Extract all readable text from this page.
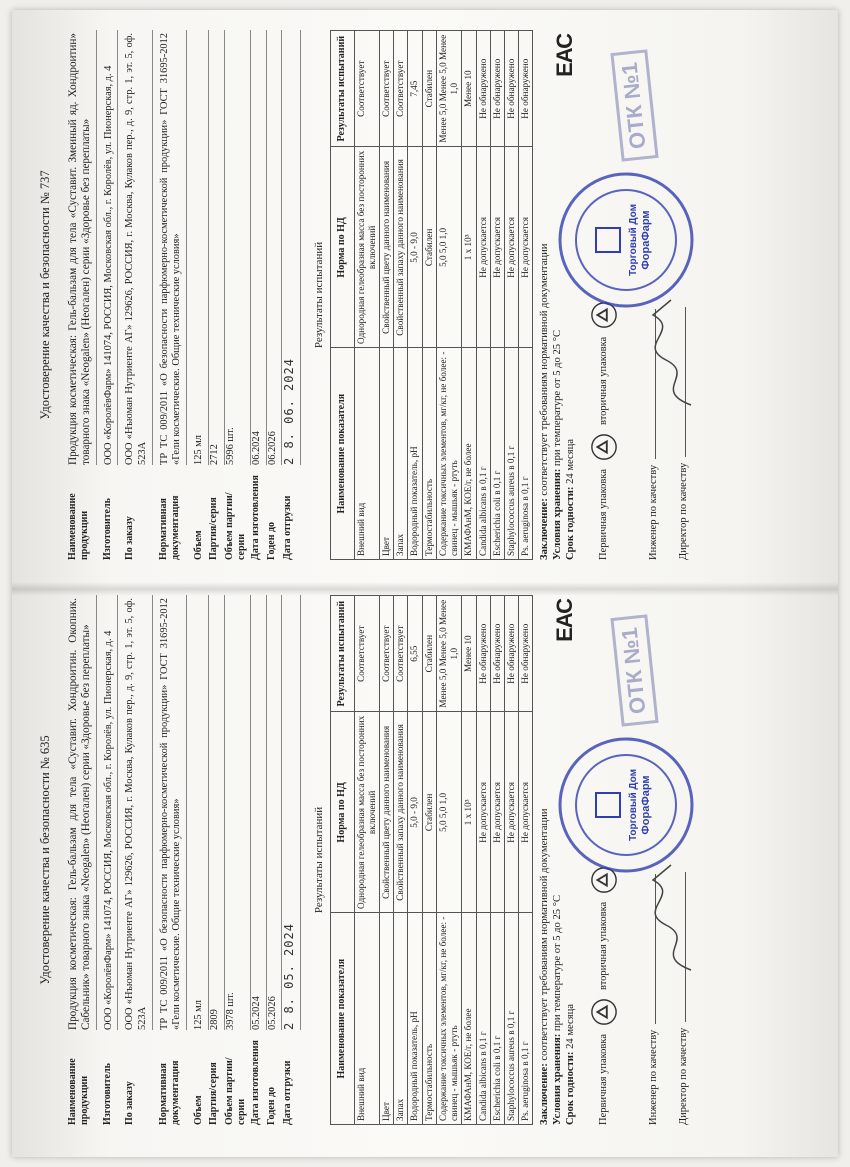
Удостоверение качества и безопасности № 635
Наименование продукции	Продукция косметическая: Гель-бальзам для тела «Суставит. Хондроитин. Окопник. Сабельник» товарного знака «Neogalen» (Неогален) серии «Здоровье без переплаты»
Изготовитель	ООО «КоролёвФарм» 141074, РОССИЯ, Московская обл., г. Королёв, ул. Пионерская, д. 4
По заказу	ООО «Нъюман Нутриенте АГ» 129626, РОССИЯ, г. Москва, Кулаков пер., д. 9, стр. 1, эт. 5, оф. 523А
Нормативная документация	ТР ТС 009/2011 «О безопасности парфюмерно-косметической продукции» ГОСТ 31695-2012 «Гели косметические. Общие технические условия»
Объем	125 мл
Партия/серия	2809
Объем партии/серии	3978 шт.
Дата изготовления	05.2024
Годен до	05.2026
Дата отгрузки	2 8. 05. 2024
Результаты испытаний
Наименование показателя	Норма по НД	Результаты испытаний
Внешний вид	Однородная гелеобразная масса без посторонних включений	Соответствует
Цвет	Свойственный цвету данного наименования	Соответствует
Запах	Свойственный запаху данного наименования	Соответствует
Водородный показатель, pH	5,0 - 9,0	6,55
Термостабильность	Стабилен	Стабилен
Содержание токсичных элементов, мг/кг, не более: - свинец - мышьяк - ртуть	5,0 5,0 1,0	Менее 5,0 Менее 5,0 Менее 1,0
КМАФАнМ, КОЕ/г, не более	1 х 10³	Менее 10
Candida albicans в 0,1 г	Не допускается	Не обнаружено
Escherichia coli в 0,1 г	Не допускается	Не обнаружено
Staphylococcus aureus в 0,1 г	Не допускается	Не обнаружено
Ps. aeruginosa в 0,1 г	Не допускается	Не обнаружено
Заключение: соответствует требованиям нормативной документации
Условия хранения: при температуре от 5 до 25 °С
Срок годности: 24 месяца
ЕАС
Первичная упаковка
вторичная упаковка
Инженер по качеству Директор по качеству
Торговый Дом ФораФарм
ОТК №1
Удостоверение качества и безопасности № 737
Наименование продукции	Продукция косметическая: Гель-бальзам для тела «Суставит. Змеиный яд. Хондроитин» товарного знака «Neogalen» (Неогален) серии «Здоровье без переплаты»
Изготовитель	ООО «КоролёвФарм» 141074, РОССИЯ, Московская обл., г. Королёв, ул. Пионерская, д. 4
По заказу	ООО «Нъюман Нутриенте АГ» 129626, РОССИЯ, г. Москва, Кулаков пер., д. 9, стр. 1, эт. 5, оф. 523А
Нормативная документация	ТР ТС 009/2011 «О безопасности парфюмерно-косметической продукции» ГОСТ 31695-2012 «Гели косметические. Общие технические условия»
Объем	125 мл
Партия/серия	2712
Объем партии/серии	5996 шт.
Дата изготовления	06.2024
Годен до	06.2026
Дата отгрузки	2 8. 06. 2024
Результаты испытаний
Наименование показателя	Норма по НД	Результаты испытаний
Внешний вид	Однородная гелеобразная масса без посторонних включений	Соответствует
Цвет	Свойственный цвету данного наименования	Соответствует
Запах	Свойственный запаху данного наименования	Соответствует
Водородный показатель, pH	5,0 - 9,0	7,45
Термостабильность	Стабилен	Стабилен
Содержание токсичных элементов, мг/кг, не более: - свинец - мышьяк - ртуть	5,0 5,0 1,0	Менее 5,0 Менее 5,0 Менее 1,0
КМАФАнМ, КОЕ/г, не более	1 х 10³	Менее 10
Candida albicans в 0,1 г	Не допускается	Не обнаружено
Escherichia coli в 0,1 г	Не допускается	Не обнаружено
Staphylococcus aureus в 0,1 г	Не допускается	Не обнаружено
Ps. aeruginosa в 0,1 г	Не допускается	Не обнаружено
Заключение: соответствует требованиям нормативной документации
Условия хранения: при температуре от 5 до 25 °С
Срок годности: 24 месяца
ЕАС
Первичная упаковка
вторичная упаковка
Инженер по качеству Директор по качеству
Торговый Дом ФораФарм
ОТК №1
